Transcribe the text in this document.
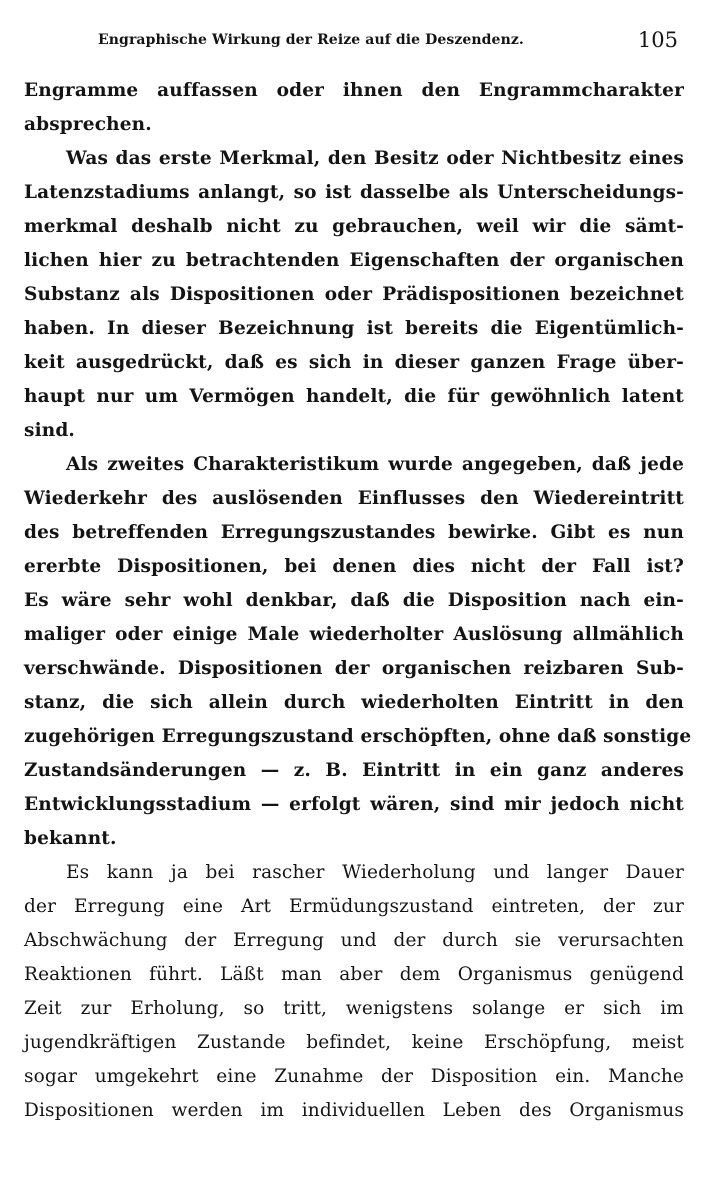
Engraphische Wirkung der Reize auf die Deszendenz.	105
Engramme auffassen oder ihnen den Engrammcharakter
absprechen.
Was das erste Merkmal, den Besitz oder Nichtbesitz eines
Latenzstadiums anlangt, so ist dasselbe als Unterscheidungs-
merkmal deshalb nicht zu gebrauchen, weil wir die sämt-
lichen hier zu betrachtenden Eigenschaften der organischen
Substanz als Dispositionen oder Prädispositionen bezeichnet
haben. In dieser Bezeichnung ist bereits die Eigentümlich-
keit ausgedrückt, daß es sich in dieser ganzen Frage über-
haupt nur um Vermögen handelt, die für gewöhnlich latent
sind.
Als zweites Charakteristikum wurde angegeben, daß jede
Wiederkehr des auslösenden Einflusses den Wiedereintritt
des betreffenden Erregungszustandes bewirke. Gibt es nun
ererbte Dispositionen, bei denen dies nicht der Fall ist?
Es wäre sehr wohl denkbar, daß die Disposition nach ein-
maliger oder einige Male wiederholter Auslösung allmählich
verschwände. Dispositionen der organischen reizbaren Sub-
stanz, die sich allein durch wiederholten Eintritt in den
zugehörigen Erregungszustand erschöpften, ohne daß sonstige
Zustandsänderungen — z. B. Eintritt in ein ganz anderes
Entwicklungsstadium — erfolgt wären, sind mir jedoch nicht
bekannt.
Es kann ja bei rascher Wiederholung und langer Dauer
der Erregung eine Art Ermüdungszustand eintreten, der zur
Abschwächung der Erregung und der durch sie verursachten
Reaktionen führt. Läßt man aber dem Organismus genügend
Zeit zur Erholung, so tritt, wenigstens solange er sich im
jugendkräftigen Zustande befindet, keine Erschöpfung, meist
sogar umgekehrt eine Zunahme der Disposition ein. Manche
Dispositionen werden im individuellen Leben des Organismus
